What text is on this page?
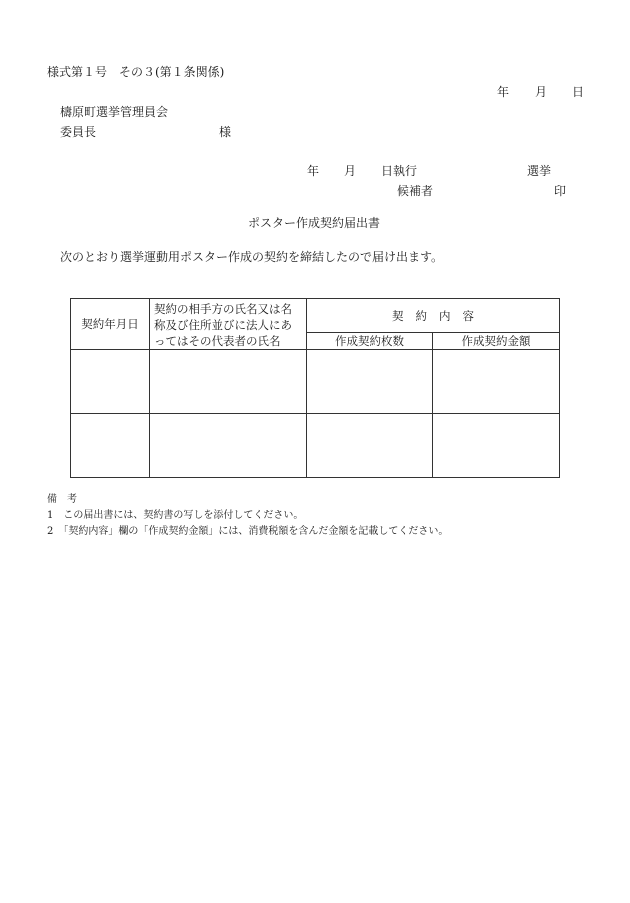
様式第１号　その３(第１条関係)
年 月 日
檮原町選挙管理員会
委員長	様
年 月 日執行	選挙
候補者	印
ポスター作成契約届出書
次のとおり選挙運動用ポスター作成の契約を締結したので届け出ます。
契約年月日	契約の相手方の氏名又は名称及び住所並びに法人にあってはその代表者の氏名	契約内容	
		作成契約枚数	作成契約金額

備　考
1　この届出書には、契約書の写しを添付してください。
2　「契約内容」欄の「作成契約金額」には、消費税額を含んだ金額を記載してください。
